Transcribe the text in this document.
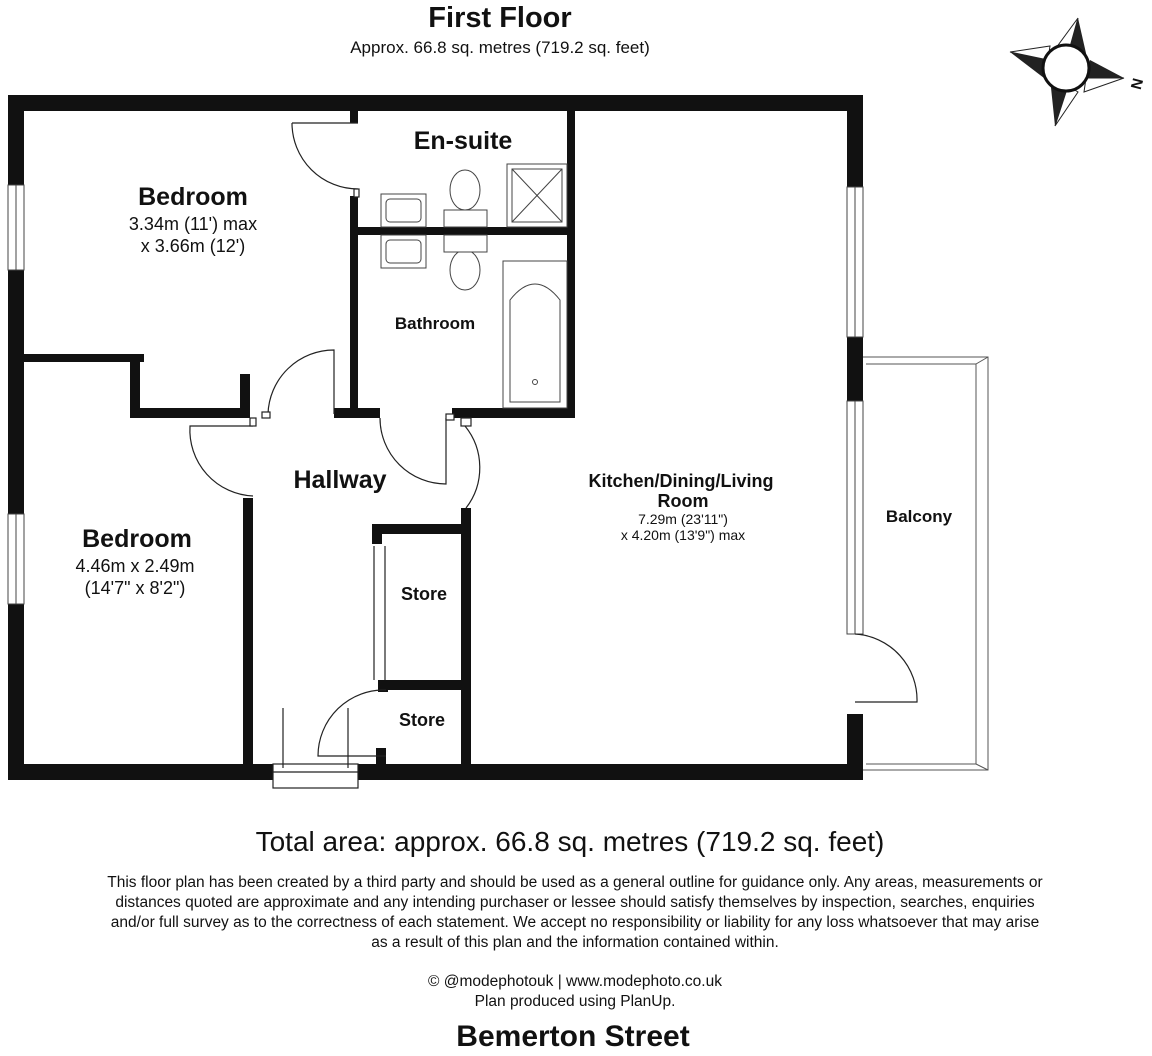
First Floor
Approx. 66.8 sq. metres (719.2 sq. feet)
N
Bedroom
3.34m (11') max
x 3.66m (12')
En-suite
Bathroom
Bedroom
4.46m x 2.49m
(14'7" x 8'2")
Hallway
Store
Store
Kitchen/Dining/Living
Room
7.29m (23'11")
x 4.20m (13'9") max
Balcony
Total area: approx. 66.8 sq. metres (719.2 sq. feet)
This floor plan has been created by a third party and should be used as a general outline for guidance only. Any areas, measurements or distances quoted are approximate and any intending purchaser or lessee should satisfy themselves by inspection, searches, enquiries and/or full survey as to the correctness of each statement. We accept no responsibility or liability for any loss whatsoever that may arise as a result of this plan and the information contained within.
© @modephotouk | www.modephoto.co.uk
Plan produced using PlanUp.
Bemerton Street
